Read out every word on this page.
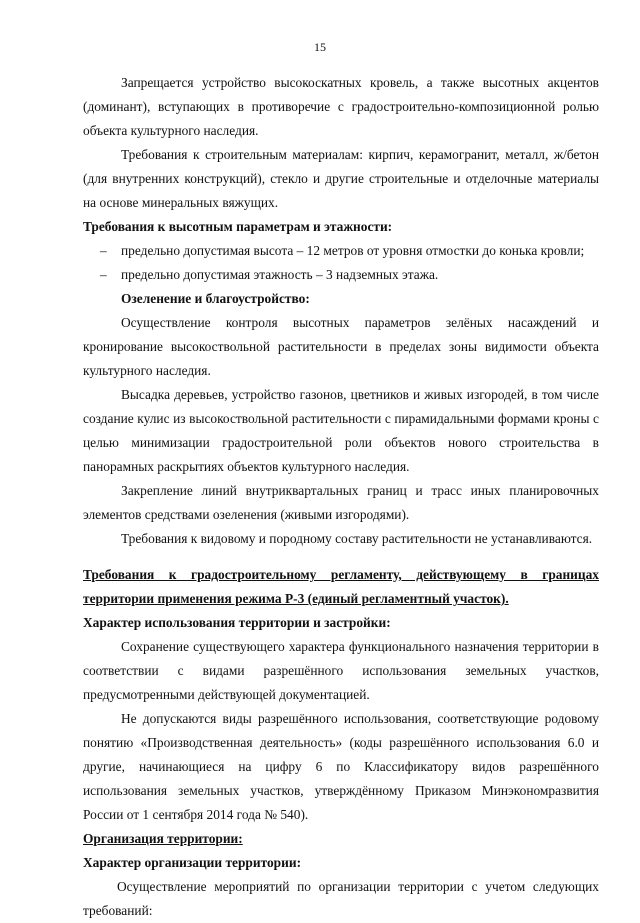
15

Запрещается устройство высокоскатных кровель, а также высотных акцентов (доминант), вступающих в противоречие с градостроительно-композиционной ролью объекта культурного наследия.

Требования к строительным материалам: кирпич, керамогранит, металл, ж/бетон (для внутренних конструкций), стекло и другие строительные и отделочные материалы на основе минеральных вяжущих.

Требования к высотным параметрам и этажности:

– предельно допустимая высота – 12 метров от уровня отмостки до конька кровли;
– предельно допустимая этажность – 3 надземных этажа.

Озеленение и благоустройство:

Осуществление контроля высотных параметров зелёных насаждений и кронирование высокоствольной растительности в пределах зоны видимости объекта культурного наследия.

Высадка деревьев, устройство газонов, цветников и живых изгородей, в том числе создание кулис из высокоствольной растительности с пирамидальными формами кроны с целью минимизации градостроительной роли объектов нового строительства в панорамных раскрытиях объектов культурного наследия.

Закрепление линий внутриквартальных границ и трасс иных планировочных элементов средствами озеленения (живыми изгородями).

Требования к видовому и породному составу растительности не устанавливаются.

Требования к градостроительному регламенту, действующему в границах территории применения режима Р-3 (единый регламентный участок).

Характер использования территории и застройки:

Сохранение существующего характера функционального назначения территории в соответствии с видами разрешённого использования земельных участков, предусмотренными действующей документацией.

Не допускаются виды разрешённого использования, соответствующие родовому понятию «Производственная деятельность» (коды разрешённого использования 6.0 и другие, начинающиеся на цифру 6 по Классификатору видов разрешённого использования земельных участков, утверждённому Приказом Минэкономразвития России от 1 сентября 2014 года № 540).

Организация территории:

Характер организации территории:

Осуществление мероприятий по организации территории с учетом следующих требований:
